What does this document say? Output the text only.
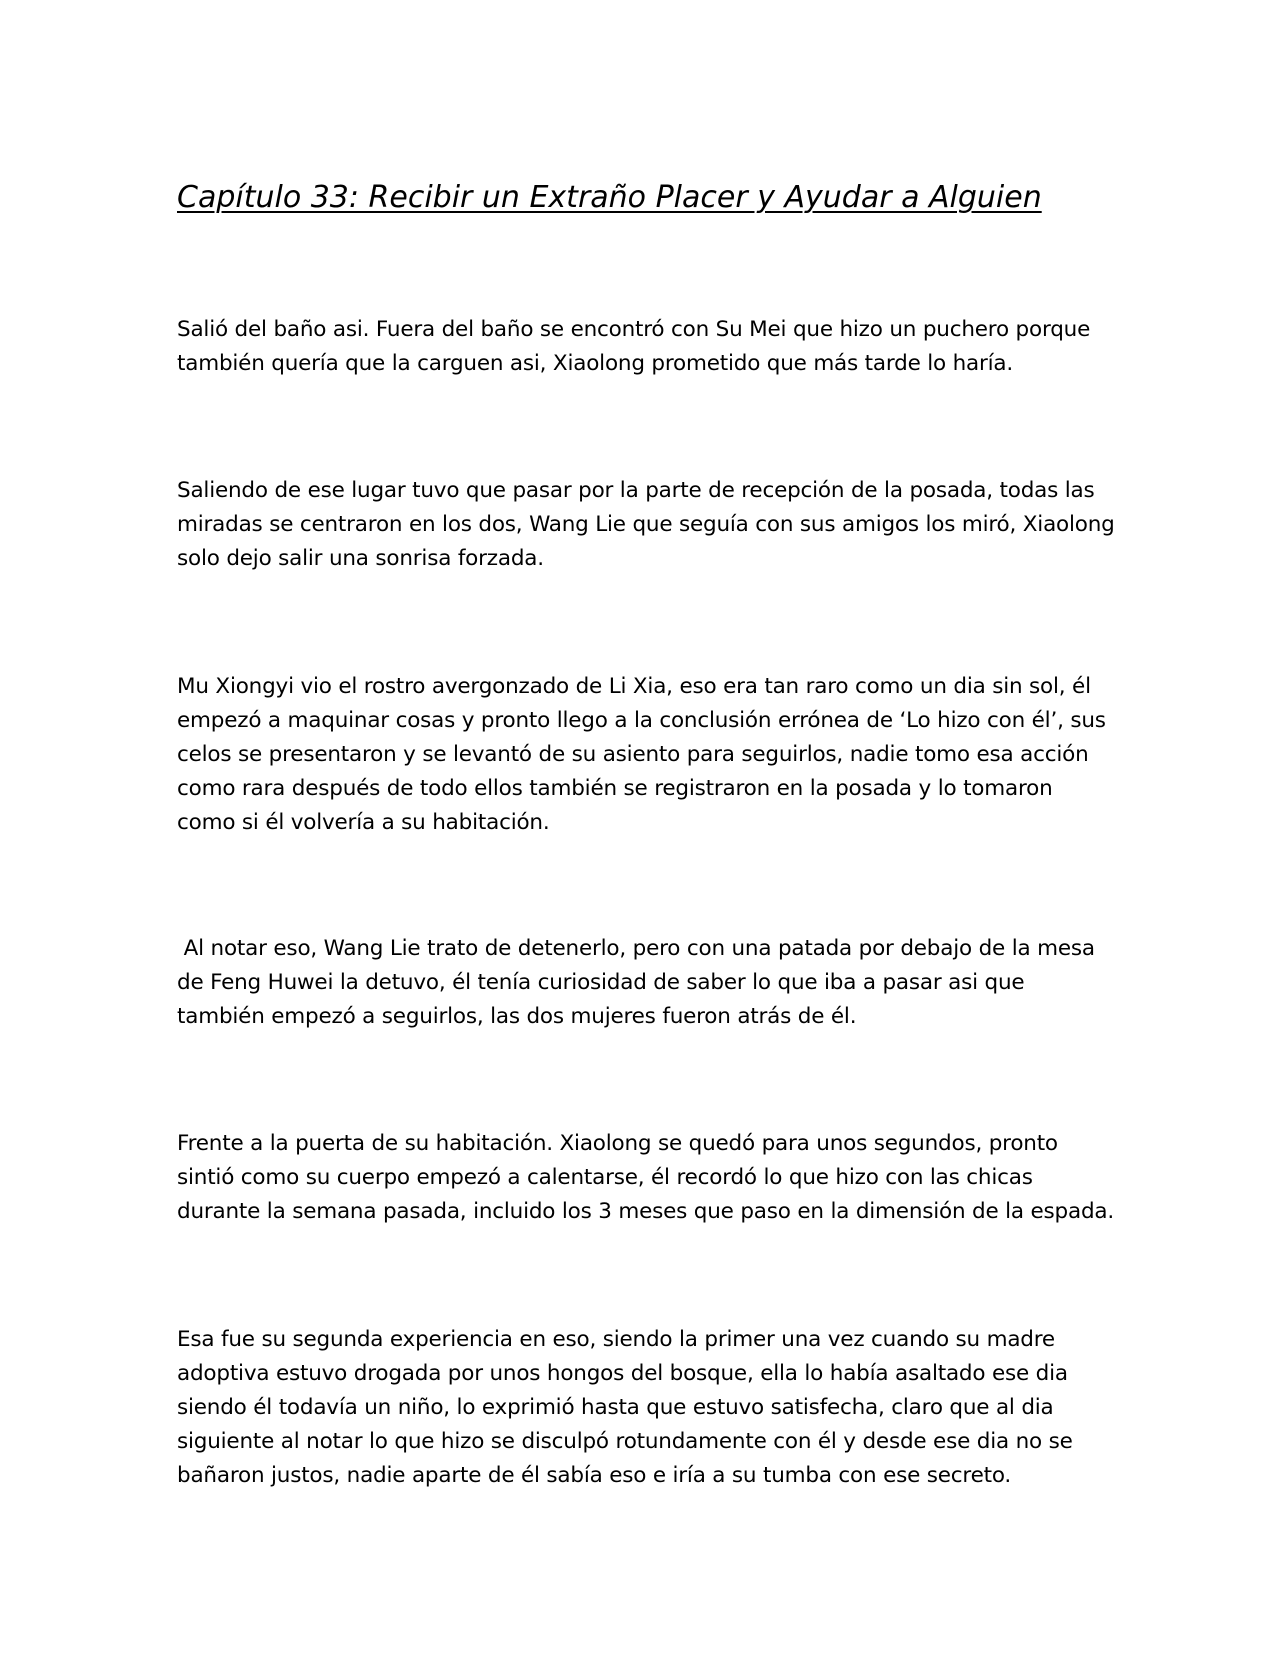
Capítulo 33: Recibir un Extraño Placer y Ayudar a Alguien
Salió del baño asi. Fuera del baño se encontró con Su Mei que hizo un puchero porque
también quería que la carguen asi, Xiaolong prometido que más tarde lo haría.
Saliendo de ese lugar tuvo que pasar por la parte de recepción de la posada, todas las
miradas se centraron en los dos, Wang Lie que seguía con sus amigos los miró, Xiaolong
solo dejo salir una sonrisa forzada.
Mu Xiongyi vio el rostro avergonzado de Li Xia, eso era tan raro como un dia sin sol, él
empezó a maquinar cosas y pronto llego a la conclusión errónea de ‘Lo hizo con él’, sus
celos se presentaron y se levantó de su asiento para seguirlos, nadie tomo esa acción
como rara después de todo ellos también se registraron en la posada y lo tomaron
como si él volvería a su habitación.
Al notar eso, Wang Lie trato de detenerlo, pero con una patada por debajo de la mesa
de Feng Huwei la detuvo, él tenía curiosidad de saber lo que iba a pasar asi que
también empezó a seguirlos, las dos mujeres fueron atrás de él.
Frente a la puerta de su habitación. Xiaolong se quedó para unos segundos, pronto
sintió como su cuerpo empezó a calentarse, él recordó lo que hizo con las chicas
durante la semana pasada, incluido los 3 meses que paso en la dimensión de la espada.
Esa fue su segunda experiencia en eso, siendo la primer una vez cuando su madre
adoptiva estuvo drogada por unos hongos del bosque, ella lo había asaltado ese dia
siendo él todavía un niño, lo exprimió hasta que estuvo satisfecha, claro que al dia
siguiente al notar lo que hizo se disculpó rotundamente con él y desde ese dia no se
bañaron justos, nadie aparte de él sabía eso e iría a su tumba con ese secreto.
